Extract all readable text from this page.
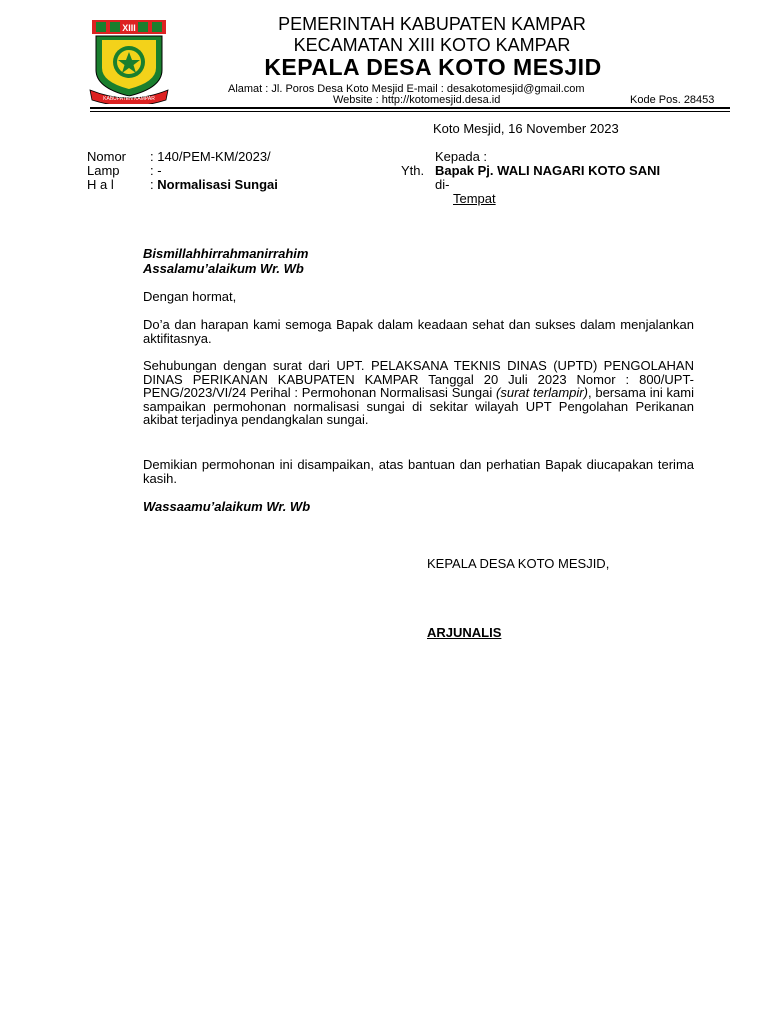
XIII
KABUPATEN KAMPAR
PEMERINTAH KABUPATEN KAMPAR
KECAMATAN XIII KOTO KAMPAR
KEPALA DESA KOTO MESJID
Alamat : Jl. Poros Desa Koto Mesjid E-mail : desakotomesjid@gmail.com
Website : http://kotomesjid.desa.id	Kode Pos. 28453
Koto Mesjid, 16 November 2023
Nomor : 140/PEM-KM/2023/
Lamp : -
H a l	: Normalisasi Sungai
Kepada :
Yth. Bapak Pj. WALI NAGARI KOTO SANI
di-
Tempat
Bismillahhirrahmanirrahim
Assalamu’alaikum Wr. Wb
Dengan hormat,
Do’a dan harapan kami semoga Bapak dalam keadaan sehat dan sukses dalam menjalankan aktifitasnya.
Sehubungan dengan surat dari UPT. PELAKSANA TEKNIS DINAS (UPTD) PENGOLAHAN DINAS PERIKANAN KABUPATEN KAMPAR Tanggal 20 Juli 2023 Nomor : 800/UPT-PENG/2023/VI/24 Perihal : Permohonan Normalisasi Sungai (surat terlampir), bersama ini kami sampaikan permohonan normalisasi sungai di sekitar wilayah UPT Pengolahan Perikanan akibat terjadinya pendangkalan sungai.
Demikian permohonan ini disampaikan, atas bantuan dan perhatian Bapak diucapakan terima kasih.
Wassaamu’alaikum Wr. Wb
KEPALA DESA KOTO MESJID,
ARJUNALIS
